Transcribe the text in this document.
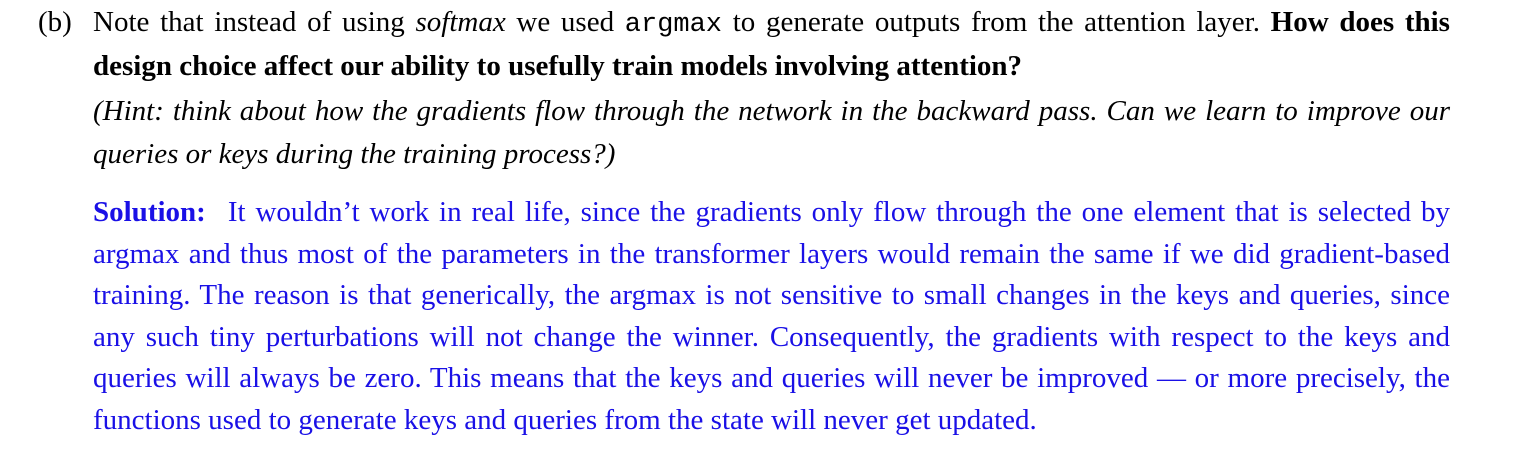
(b) Note that instead of using softmax we used argmax to generate outputs from the attention layer. How does this design choice affect our ability to usefully train models involving attention?

(Hint: think about how the gradients flow through the network in the backward pass. Can we learn to improve our queries or keys during the training process?)

Solution: It wouldn’t work in real life, since the gradients only flow through the one element that is selected by argmax and thus most of the parameters in the transformer layers would remain the same if we did gradient-based training. The reason is that generically, the argmax is not sensitive to small changes in the keys and queries, since any such tiny perturbations will not change the winner. Consequently, the gradients with respect to the keys and queries will always be zero. This means that the keys and queries will never be improved — or more precisely, the functions used to generate keys and queries from the state will never get updated.
